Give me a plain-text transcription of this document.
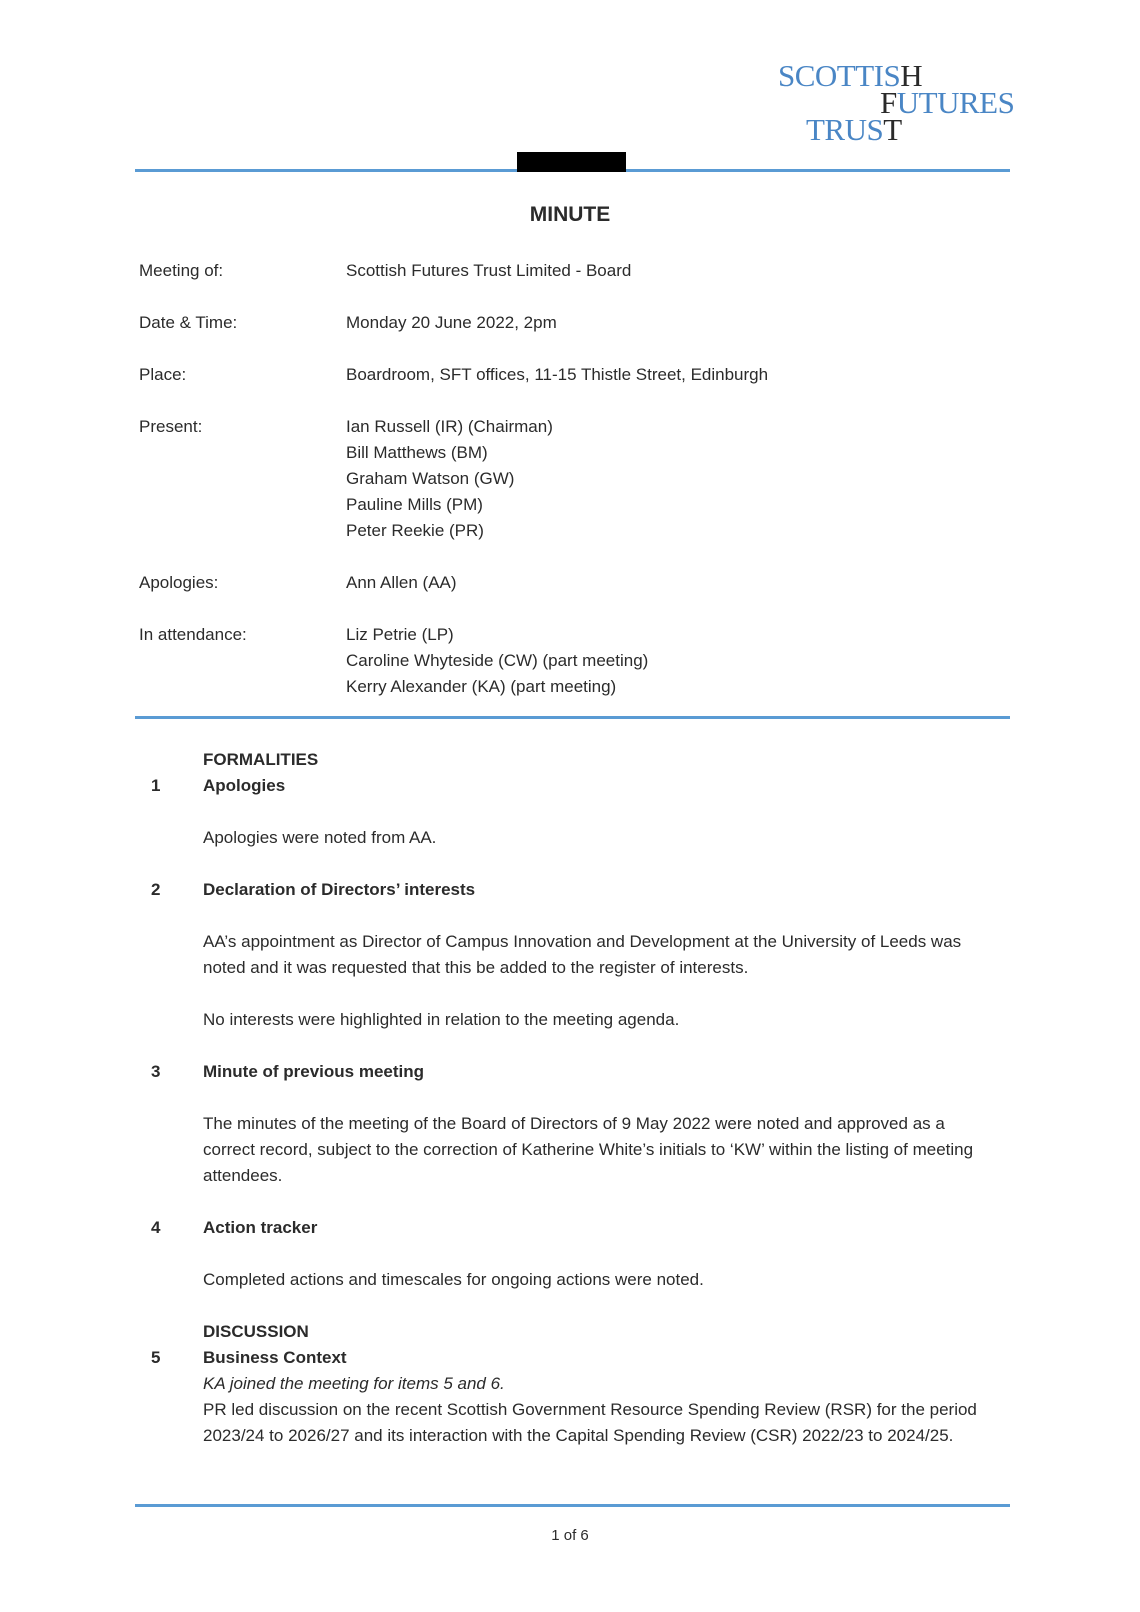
SCOTTISH
FUTURES
TRUST
MINUTE
Meeting of:	Scottish Futures Trust Limited - Board
Date & Time:	Monday 20 June 2022, 2pm
Place:	Boardroom, SFT offices, 11-15 Thistle Street, Edinburgh
Present:	Ian Russell (IR) (Chairman)
Bill Matthews (BM)
Graham Watson (GW)
Pauline Mills (PM)
Peter Reekie (PR)
Apologies:	Ann Allen (AA)
In attendance:	Liz Petrie (LP)
Caroline Whyteside (CW) (part meeting)
Kerry Alexander (KA) (part meeting)
FORMALITIES
1	Apologies
Apologies were noted from AA.
2	Declaration of Directors’ interests
AA’s appointment as Director of Campus Innovation and Development at the University of Leeds was noted and it was requested that this be added to the register of interests.
No interests were highlighted in relation to the meeting agenda.
3	Minute of previous meeting
The minutes of the meeting of the Board of Directors of 9 May 2022 were noted and approved as a correct record, subject to the correction of Katherine White’s initials to ‘KW’ within the listing of meeting attendees.
4	Action tracker
Completed actions and timescales for ongoing actions were noted.
DISCUSSION
5	Business Context
KA joined the meeting for items 5 and 6.
PR led discussion on the recent Scottish Government Resource Spending Review (RSR) for the period 2023/24 to 2026/27 and its interaction with the Capital Spending Review (CSR) 2022/23 to 2024/25.
1 of 6
